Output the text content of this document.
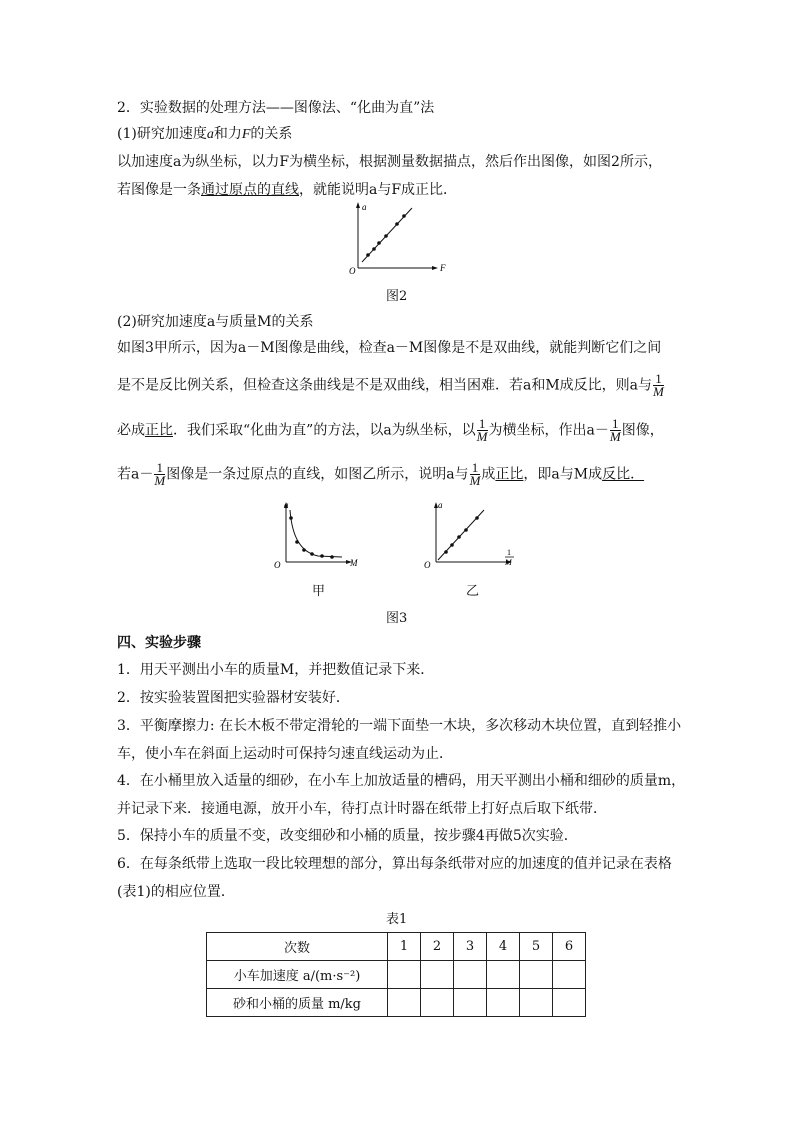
2．实验数据的处理方法——图像法、“化曲为直”法
(1)研究加速度a和力F的关系
以加速度a为纵坐标，以力F为横坐标，根据测量数据描点，然后作出图像，如图2所示，
若图像是一条通过原点的直线，就能说明a与F成正比．
a
O	F
图2
(2)研究加速度a与质量M的关系
如图3甲所示，因为a－M图像是曲线，检查a－M图像是不是双曲线，就能判断它们之间
是不是反比例关系，但检查这条曲线是不是双曲线，相当困难．若a和M成反比，则a与 $\frac{1}{M}$
必成正比．我们采取“化曲为直”的方法，以a为纵坐标，以 $\frac{1}{M}$ 为横坐标，作出$a- \frac{1}{M}$ 图像，
若$a- \frac{1}{M}$ 图像是一条过原点的直线，如图乙所示，说明a与 $\frac{1}{M}$ 成正比，即a与M成反比．
a
O	M
甲
a
O
1
M
乙
图3
四、实验步骤
1．用天平测出小车的质量M，并把数值记录下来．
2．按实验装置图把实验器材安装好．
3．平衡摩擦力: 在长木板不带定滑轮的一端下面垫一木块，多次移动木块位置，直到轻推小
车，使小车在斜面上运动时可保持匀速直线运动为止．
4．在小桶里放入适量的细砂，在小车上加放适量的槽码，用天平测出小桶和细砂的质量m，
并记录下来．接通电源，放开小车，待打点计时器在纸带上打好点后取下纸带．
5．保持小车的质量不变，改变细砂和小桶的质量，按步骤4再做5次实验．
6．在每条纸带上选取一段比较理想的部分，算出每条纸带对应的加速度的值并记录在表格
(表1)的相应位置．
表1
次数	1	2	3	4	5	6
小车加速度 a/(m·s⁻²)						
砂和小桶的质量 m/kg						
